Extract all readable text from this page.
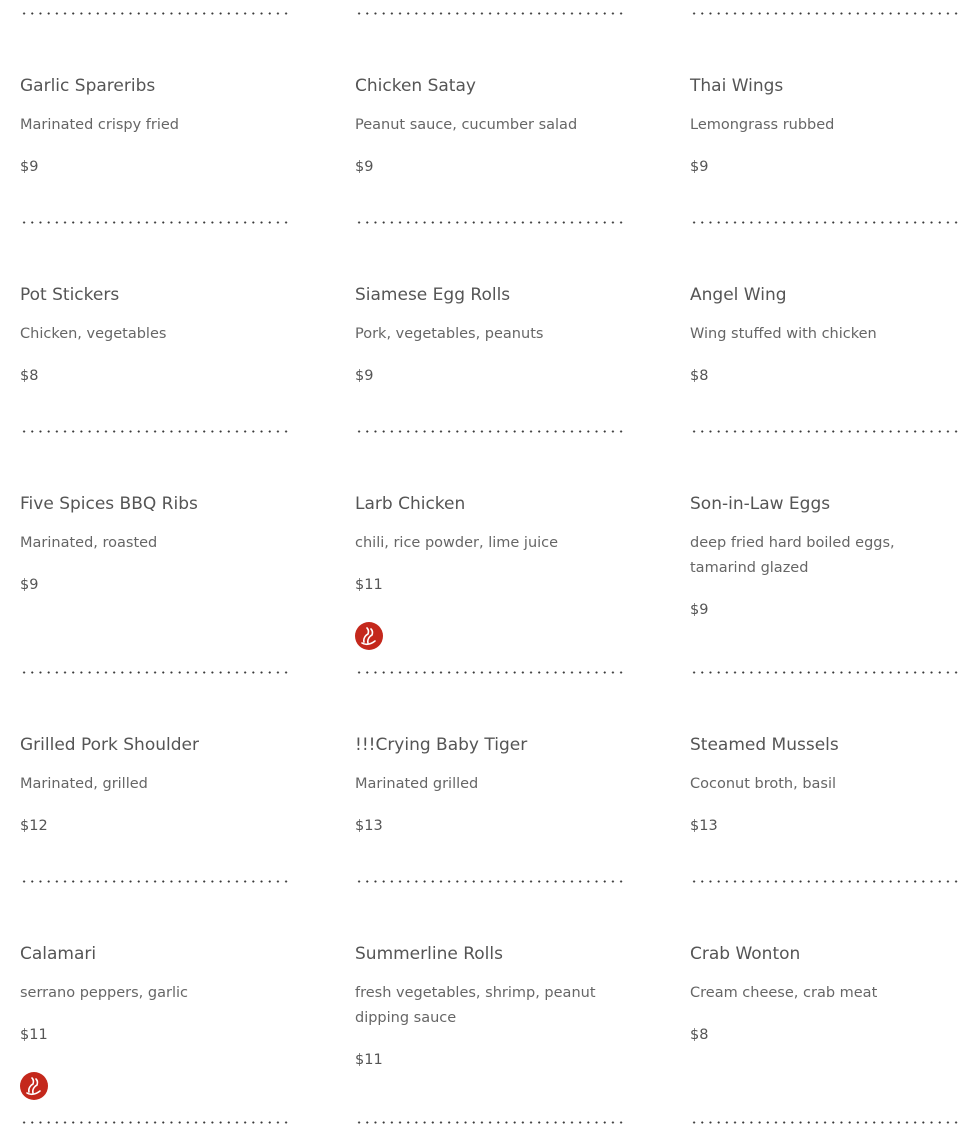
Garlic Spareribs
Marinated crispy fried
$9
Pot Stickers
Chicken, vegetables
$8
Five Spices BBQ Ribs
Marinated, roasted
$9
Grilled Pork Shoulder
Marinated, grilled
$12
Calamari
serrano peppers, garlic
$11
Chicken Satay
Peanut sauce, cucumber salad
$9
Siamese Egg Rolls
Pork, vegetables, peanuts
$9
Larb Chicken
chili, rice powder, lime juice
$11
!!!Crying Baby Tiger
Marinated grilled
$13
Summerline Rolls
fresh vegetables, shrimp, peanut dipping sauce
$11
Thai Wings
Lemongrass rubbed
$9
Angel Wing
Wing stuffed with chicken
$8
Son-in-Law Eggs
deep fried hard boiled eggs, tamarind glazed
$9
Steamed Mussels
Coconut broth, basil
$13
Crab Wonton
Cream cheese, crab meat
$8
